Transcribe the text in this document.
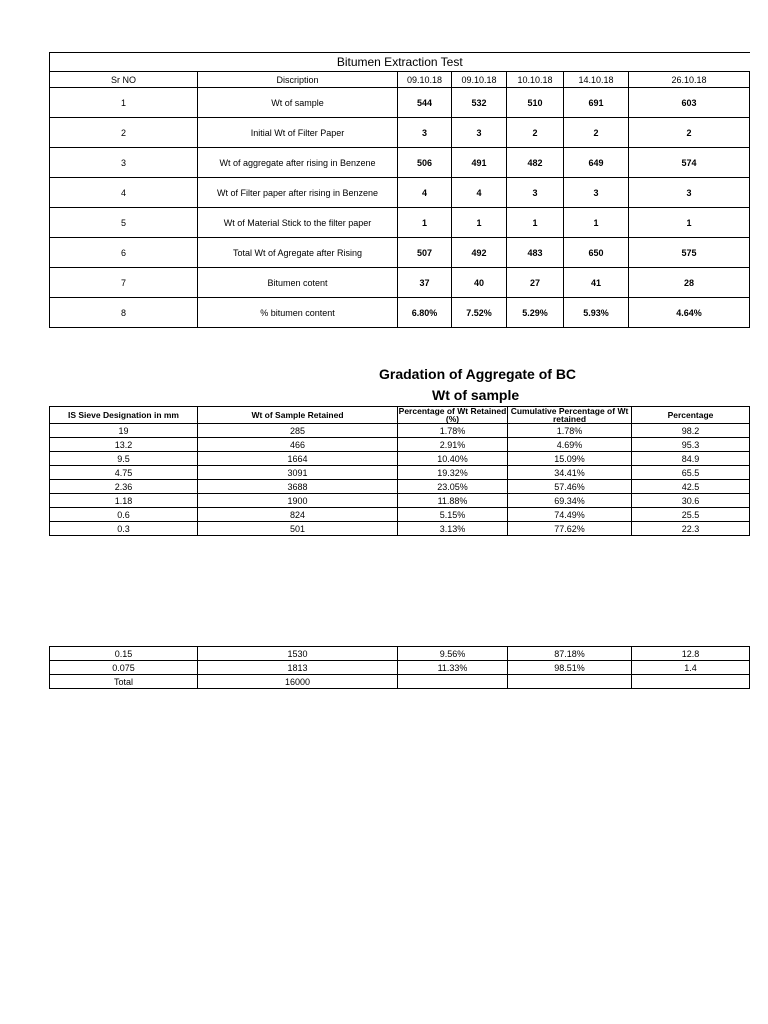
Bitumen Extraction Test						
Sr NO	Discription	09.10.18	09.10.18	10.10.18	14.10.18	26.10.18
1	Wt of sample	544	532	510	691	603
2	Initial Wt of Filter Paper	3	3	2	2	2
3	Wt of aggregate after rising in Benzene	506	491	482	649	574
4	Wt of Filter paper after rising in Benzene	4	4	3	3	3
5	Wt of Material Stick to the filter paper	1	1	1	1	1
6	Total Wt of Agregate after Rising	507	492	483	650	575
7	Bitumen cotent	37	40	27	41	28
8	% bitumen content	6.80%	7.52%	5.29%	5.93%	4.64%
Gradation of Aggregate of BC
Wt of sample
IS Sieve Designation in mm	Wt of Sample Retained	Percentage of Wt Retained (%)	Cumulative Percentage of Wt retained	Percentage
19	285	1.78%	1.78%	98.2
13.2	466	2.91%	4.69%	95.3
9.5	1664	10.40%	15.09%	84.9
4.75	3091	19.32%	34.41%	65.5
2.36	3688	23.05%	57.46%	42.5
1.18	1900	11.88%	69.34%	30.6
0.6	824	5.15%	74.49%	25.5
0.3	501	3.13%	77.62%	22.3
0.15	1530	9.56%	87.18%	12.8
0.075	1813	11.33%	98.51%	1.4
Total	16000			
